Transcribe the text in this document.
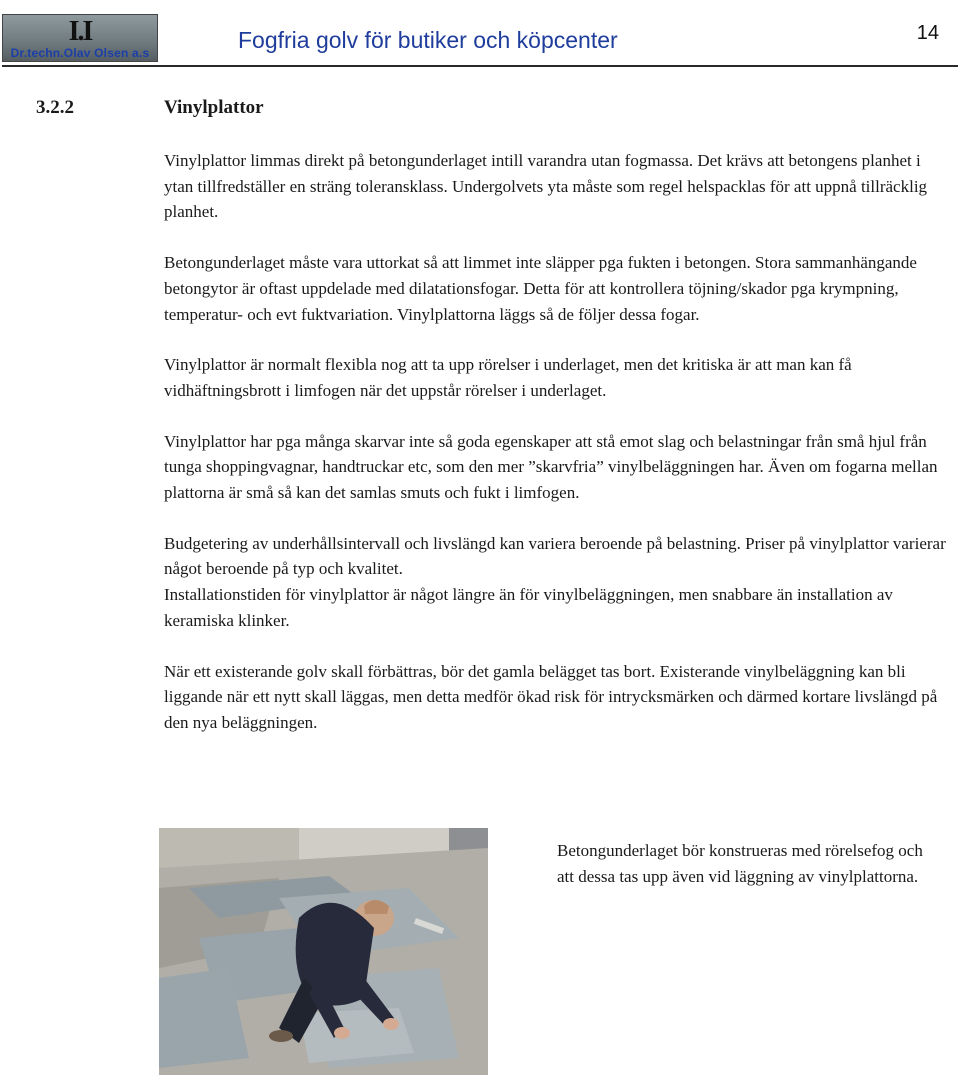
I.I
Dr.techn.Olav Olsen a.s	Fogfria golv för butiker och köpcenter	14
3.2.2	Vinylplattor

Vinylplattor limmas direkt på betongunderlaget intill varandra utan fogmassa. Det krävs att betongens planhet i ytan tillfredställer en sträng toleransklass. Undergolvets yta måste som regel helspacklas för att uppnå tillräcklig planhet.

Betongunderlaget måste vara uttorkat så att limmet inte släpper pga fukten i betongen. Stora sammanhängande betongytor är oftast uppdelade med dilatationsfogar. Detta för att kontrollera töjning/skador pga krympning, temperatur- och evt fuktvariation. Vinylplattorna läggs så de följer dessa fogar.

Vinylplattor är normalt flexibla nog att ta upp rörelser i underlaget, men det kritiska är att man kan få vidhäftningsbrott i limfogen när det uppstår rörelser i underlaget.

Vinylplattor har pga många skarvar inte så goda egenskaper att stå emot slag och belastningar från små hjul från tunga shoppingvagnar, handtruckar etc, som den mer ”skarvfria” vinylbeläggningen har. Även om fogarna mellan plattorna är små så kan det samlas smuts och fukt i limfogen.

Budgetering av underhållsintervall och livslängd kan variera beroende på belastning. Priser på vinylplattor varierar något beroende på typ och kvalitet.
Installationstiden för vinylplattor är något längre än för vinylbeläggningen, men snabbare än installation av keramiska klinker.

När ett existerande golv skall förbättras, bör det gamla belägget tas bort. Existerande vinylbeläggning kan bli liggande när ett nytt skall läggas, men detta medför ökad risk för intrycksmärken och därmed kortare livslängd på den nya beläggningen.

Betongunderlaget bör konstrueras med rörelsefog och att dessa tas upp även vid läggning av vinylplattorna.
